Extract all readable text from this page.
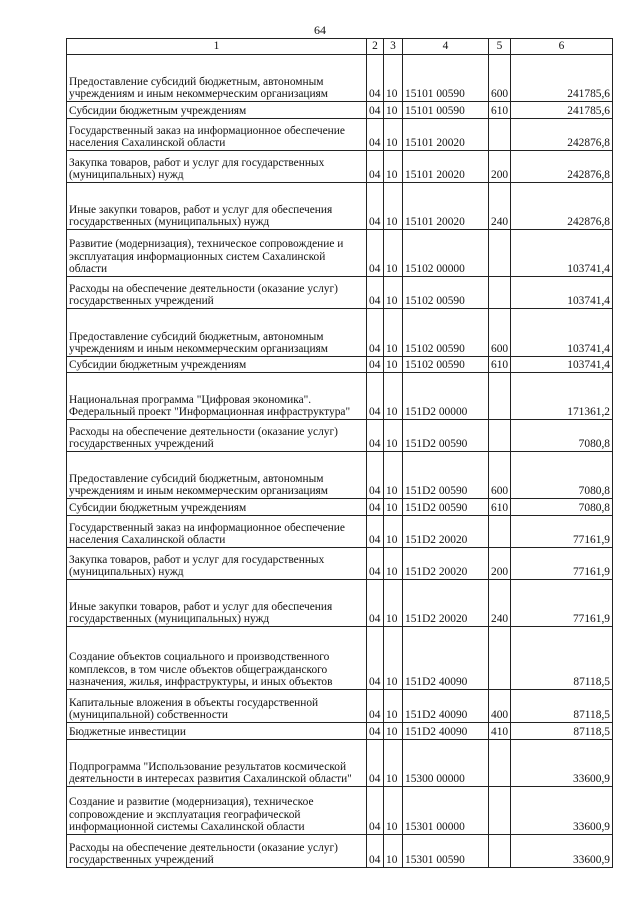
64
1	2	3	4	5	6
Предоставление субсидий бюджетным, автономным учреждениям и иным некоммерческим организациям	04	10	15101 00590	600	241785,6
Субсидии бюджетным учреждениям	04	10	15101 00590	610	241785,6
Государственный заказ на информационное обеспечение населения Сахалинской области	04	10	15101 20020		242876,8
Закупка товаров, работ и услуг для государственных (муниципальных) нужд	04	10	15101 20020	200	242876,8
Иные закупки товаров, работ и услуг для обеспечения государственных (муниципальных) нужд	04	10	15101 20020	240	242876,8
Развитие (модернизация), техническое сопровождение и эксплуатация информационных систем Сахалинской области	04	10	15102 00000		103741,4
Расходы на обеспечение деятельности (оказание услуг) государственных учреждений	04	10	15102 00590		103741,4
Предоставление субсидий бюджетным, автономным учреждениям и иным некоммерческим организациям	04	10	15102 00590	600	103741,4
Субсидии бюджетным учреждениям	04	10	15102 00590	610	103741,4
Национальная программа "Цифровая экономика". Федеральный проект "Информационная инфраструктура"	04	10	151D2 00000		171361,2
Расходы на обеспечение деятельности (оказание услуг) государственных учреждений	04	10	151D2 00590		7080,8
Предоставление субсидий бюджетным, автономным учреждениям и иным некоммерческим организациям	04	10	151D2 00590	600	7080,8
Субсидии бюджетным учреждениям	04	10	151D2 00590	610	7080,8
Государственный заказ на информационное обеспечение населения Сахалинской области	04	10	151D2 20020		77161,9
Закупка товаров, работ и услуг для государственных (муниципальных) нужд	04	10	151D2 20020	200	77161,9
Иные закупки товаров, работ и услуг для обеспечения государственных (муниципальных) нужд	04	10	151D2 20020	240	77161,9
Создание объектов социального и производственного комплексов, в том числе объектов общегражданского назначения, жилья, инфраструктуры, и иных объектов	04	10	151D2 40090		87118,5
Капитальные вложения в объекты государственной (муниципальной) собственности	04	10	151D2 40090	400	87118,5
Бюджетные инвестиции	04	10	151D2 40090	410	87118,5
Подпрограмма "Использование результатов космической деятельности в интересах развития Сахалинской области"	04	10	15300 00000		33600,9
Создание и развитие (модернизация), техническое сопровождение и эксплуатация географической информационной системы Сахалинской области	04	10	15301 00000		33600,9
Расходы на обеспечение деятельности (оказание услуг) государственных учреждений	04	10	15301 00590		33600,9
